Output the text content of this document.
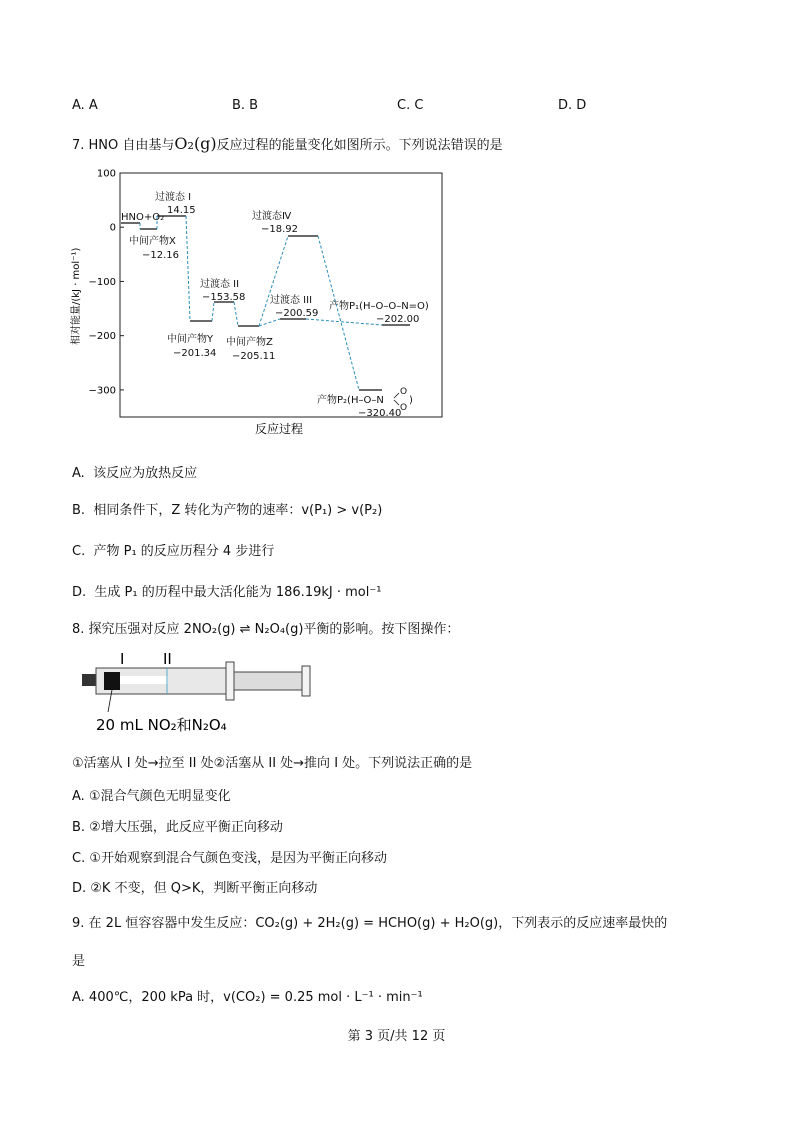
A. A	B. B	C. C	D. D
7. HNO 自由基与O₂(g)反应过程的能量变化如图所示。下列说法错误的是
100
0
−100
−200
−300
相对能量/(kJ · mol⁻¹)
反应过程
HNO+O₂
过渡态 I
14.15
中间产物X
−12.16
过渡态 II
−153.58
中间产物Y
−201.34
中间产物Z
−205.11
过渡态Ⅳ
−18.92
过渡态 III
−200.59
产物P₁(H–O–O–N=O)
−202.00
产物P₂(H–O–N
O
O
)
−320.40
A. 该反应为放热反应
B. 相同条件下，Z 转化为产物的速率：v(P₁) > v(P₂)
C. 产物 P₁ 的反应历程分 4 步进行
D. 生成 P₁ 的历程中最大活化能为 186.19kJ · mol⁻¹
8. 探究压强对反应 2NO₂(g) ⇌ N₂O₄(g)平衡的影响。按下图操作：
I	II
20 mL NO₂和N₂O₄
①活塞从 I 处→拉至 II 处②活塞从 II 处→推向 I 处。下列说法正确的是
A. ①混合气颜色无明显变化
B. ②增大压强，此反应平衡正向移动
C. ①开始观察到混合气颜色变浅，是因为平衡正向移动
D. ②K 不变，但 Q>K，判断平衡正向移动
9. 在 2L 恒容容器中发生反应：CO₂(g) + 2H₂(g) = HCHO(g) + H₂O(g)，下列表示的反应速率最快的
是
A. 400℃，200 kPa 时，v(CO₂) = 0.25 mol · L⁻¹ · min⁻¹
第 3 页/共 12 页
